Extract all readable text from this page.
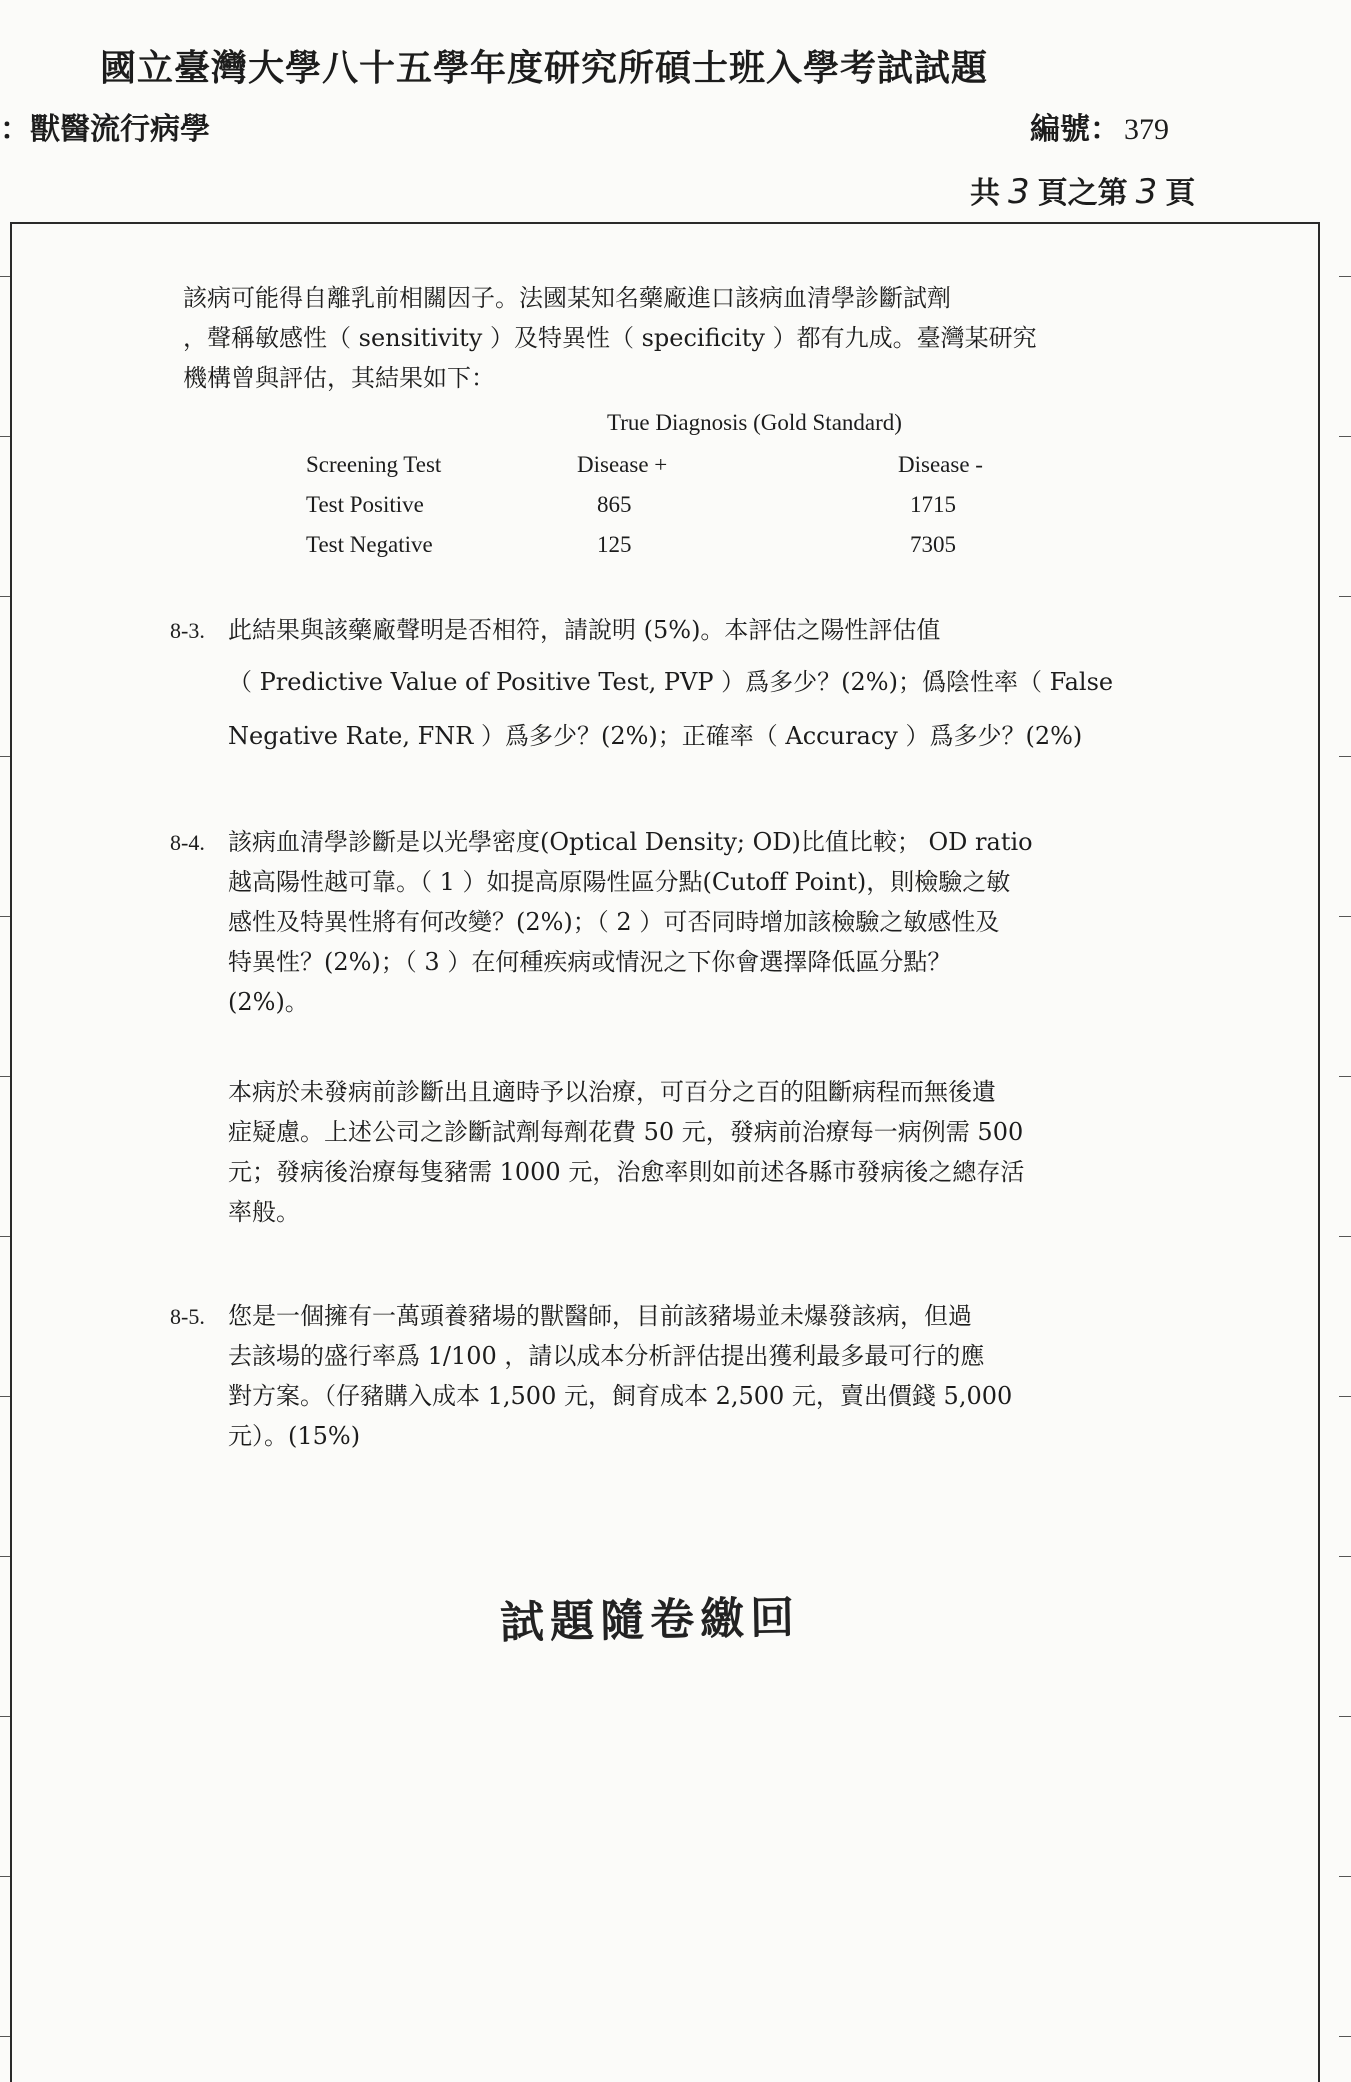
國立臺灣大學八十五學年度研究所碩士班入學考試試題
：獸醫流行病學	編號： 379
共 3 頁之第 3 頁
該病可能得自離乳前相關因子。法國某知名藥廠進口該病血清學診斷試劑
，聲稱敏感性（ sensitivity ）及特異性（ specificity ）都有九成。臺灣某研究
機構曾與評估，其結果如下：
True Diagnosis (Gold Standard)
Screening Test	Disease +	Disease -
Test Positive	865	1715
Test Negative	125	7305
8-3. 此結果與該藥廠聲明是否相符，請說明 (5%)。本評估之陽性評估值
（ Predictive Value of Positive Test, PVP ）爲多少？(2%)；僞陰性率（ False
Negative Rate, FNR ）爲多少？(2%)；正確率（ Accuracy ）爲多少？(2%)
8-4. 該病血清學診斷是以光學密度(Optical Density; OD)比值比較； OD ratio
越高陽性越可靠。（ 1 ）如提高原陽性區分點(Cutoff Point)，則檢驗之敏
感性及特異性將有何改變？(2%)；（ 2 ）可否同時增加該檢驗之敏感性及
特異性？(2%)；（ 3 ）在何種疾病或情況之下你會選擇降低區分點？
(2%)。
本病於未發病前診斷出且適時予以治療，可百分之百的阻斷病程而無後遺
症疑慮。上述公司之診斷試劑每劑花費 50 元，發病前治療每一病例需 500
元；發病後治療每隻豬需 1000 元，治愈率則如前述各縣市發病後之總存活
率般。
8-5. 您是一個擁有一萬頭養豬場的獸醫師，目前該豬場並未爆發該病，但過
去該場的盛行率爲 1/100 ，請以成本分析評估提出獲利最多最可行的應
對方案。（仔豬購入成本 1,500 元，飼育成本 2,500 元，賣出價錢 5,000
元）。(15%)
試題隨卷繳回
